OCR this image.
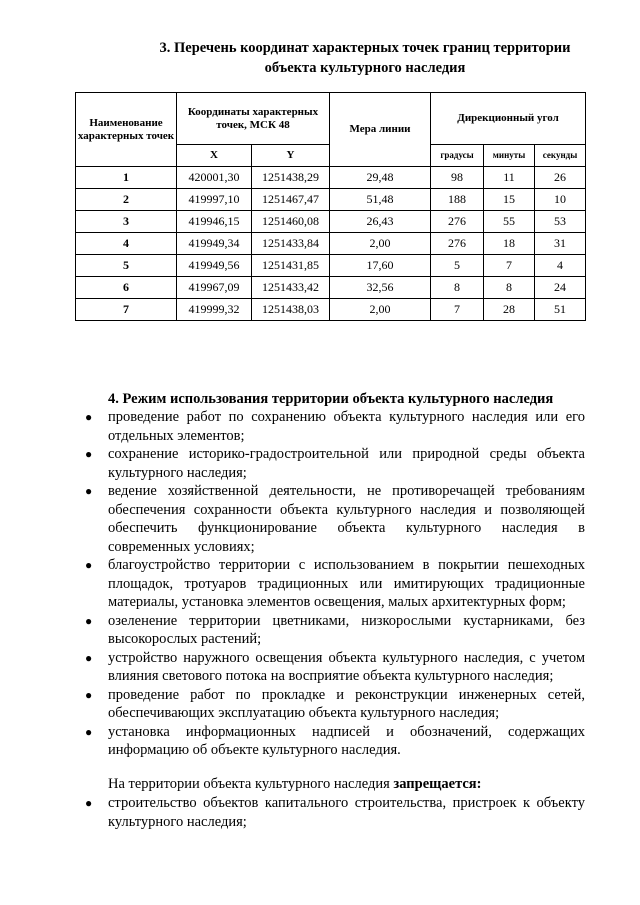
3. Перечень координат характерных точек границ территории
объекта культурного наследия
Наименование характерных точек	Координаты характерных точек, МСК 48		Мера линии	Дирекционный угол		
	X	Y		градусы	минуты	секунды
1	420001,30	1251438,29	29,48	98	11	26
2	419997,10	1251467,47	51,48	188	15	10
3	419946,15	1251460,08	26,43	276	55	53
4	419949,34	1251433,84	2,00	276	18	31
5	419949,56	1251431,85	17,60	5	7	4
6	419967,09	1251433,42	32,56	8	8	24
7	419999,32	1251438,03	2,00	7	28	51
4. Режим использования территории объекта культурного наследия
● проведение работ по сохранению объекта культурного наследия или его отдельных элементов;
● сохранение историко-градостроительной или природной среды объекта культурного наследия;
● ведение хозяйственной деятельности, не противоречащей требованиям обеспечения сохранности объекта культурного наследия и позволяющей обеспечить функционирование объекта культурного наследия в современных условиях;
● благоустройство территории с использованием в покрытии пешеходных площадок, тротуаров традиционных или имитирующих традиционные материалы, установка элементов освещения, малых архитектурных форм;
● озеленение территории цветниками, низкорослыми кустарниками, без высокорослых растений;
● устройство наружного освещения объекта культурного наследия, с учетом влияния светового потока на восприятие объекта культурного наследия;
● проведение работ по прокладке и реконструкции инженерных сетей, обеспечивающих эксплуатацию объекта культурного наследия;
● установка информационных надписей и обозначений, содержащих информацию об объекте культурного наследия.
На территории объекта культурного наследия запрещается:
● строительство объектов капитального строительства, пристроек к объекту культурного наследия;
